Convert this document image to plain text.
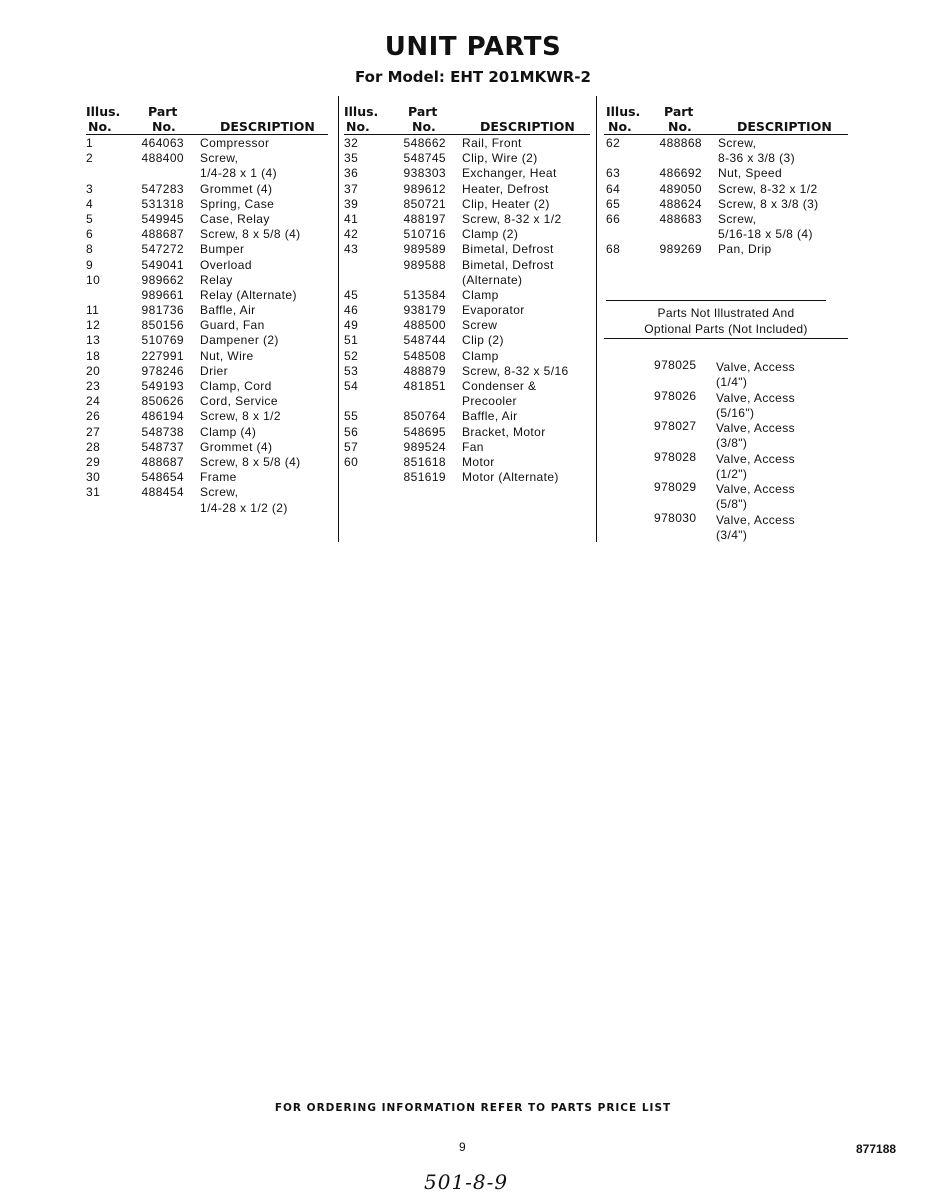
UNIT PARTS
For Model: EHT 201MKWR-2
Illus.
No.
Part
No.	DESCRIPTION
1	464063 Compressor
2	488400 Screw,
1/4-28 x 1 (4)
3	547283 Grommet (4)
4	531318 Spring, Case
5	549945 Case, Relay
6	488687 Screw, 8 x 5/8 (4)
8	547272 Bumper
9	549041 Overload
10	989662 Relay
989661 Relay (Alternate)
11	981736 Baffle, Air
12	850156 Guard, Fan
13	510769 Dampener (2)
18	227991 Nut, Wire
20	978246 Drier
23	549193 Clamp, Cord
24	850626 Cord, Service
26	486194 Screw, 8 x 1/2
27	548738 Clamp (4)
28	548737 Grommet (4)
29	488687 Screw, 8 x 5/8 (4)
30	548654 Frame
31	488454 Screw,
1/4-28 x 1/2 (2)
Illus.
No.
Part
No.	DESCRIPTION
32	548662 Rail, Front
35	548745 Clip, Wire (2)
36	938303 Exchanger, Heat
37	989612 Heater, Defrost
39	850721 Clip, Heater (2)
41	488197 Screw, 8-32 x 1/2
42	510716 Clamp (2)
43	989589 Bimetal, Defrost
989588 Bimetal, Defrost
(Alternate)
45	513584 Clamp
46	938179 Evaporator
49	488500 Screw
51	548744 Clip (2)
52	548508 Clamp
53	488879 Screw, 8-32 x 5/16
54	481851 Condenser &
Precooler
55	850764 Baffle, Air
56	548695 Bracket, Motor
57	989524 Fan
60	851618 Motor
851619 Motor (Alternate)
Illus.
No.
Part
No.	DESCRIPTION
62	488868 Screw,
8-36 x 3/8 (3)
63	486692 Nut, Speed
64	489050 Screw, 8-32 x 1/2
65	488624 Screw, 8 x 3/8 (3)
66	488683 Screw,
5/16-18 x 5/8 (4)
68	989269 Pan, Drip
Parts Not Illustrated And
Optional Parts (Not Included)
978025 Valve, Access
(1/4")
978026 Valve, Access
(5/16")
978027 Valve, Access
(3/8")
978028 Valve, Access
(1/2")
978029 Valve, Access
(5/8")
978030 Valve, Access
(3/4")
FOR ORDERING INFORMATION REFER TO PARTS PRICE LIST
9	877188
501-8-9
